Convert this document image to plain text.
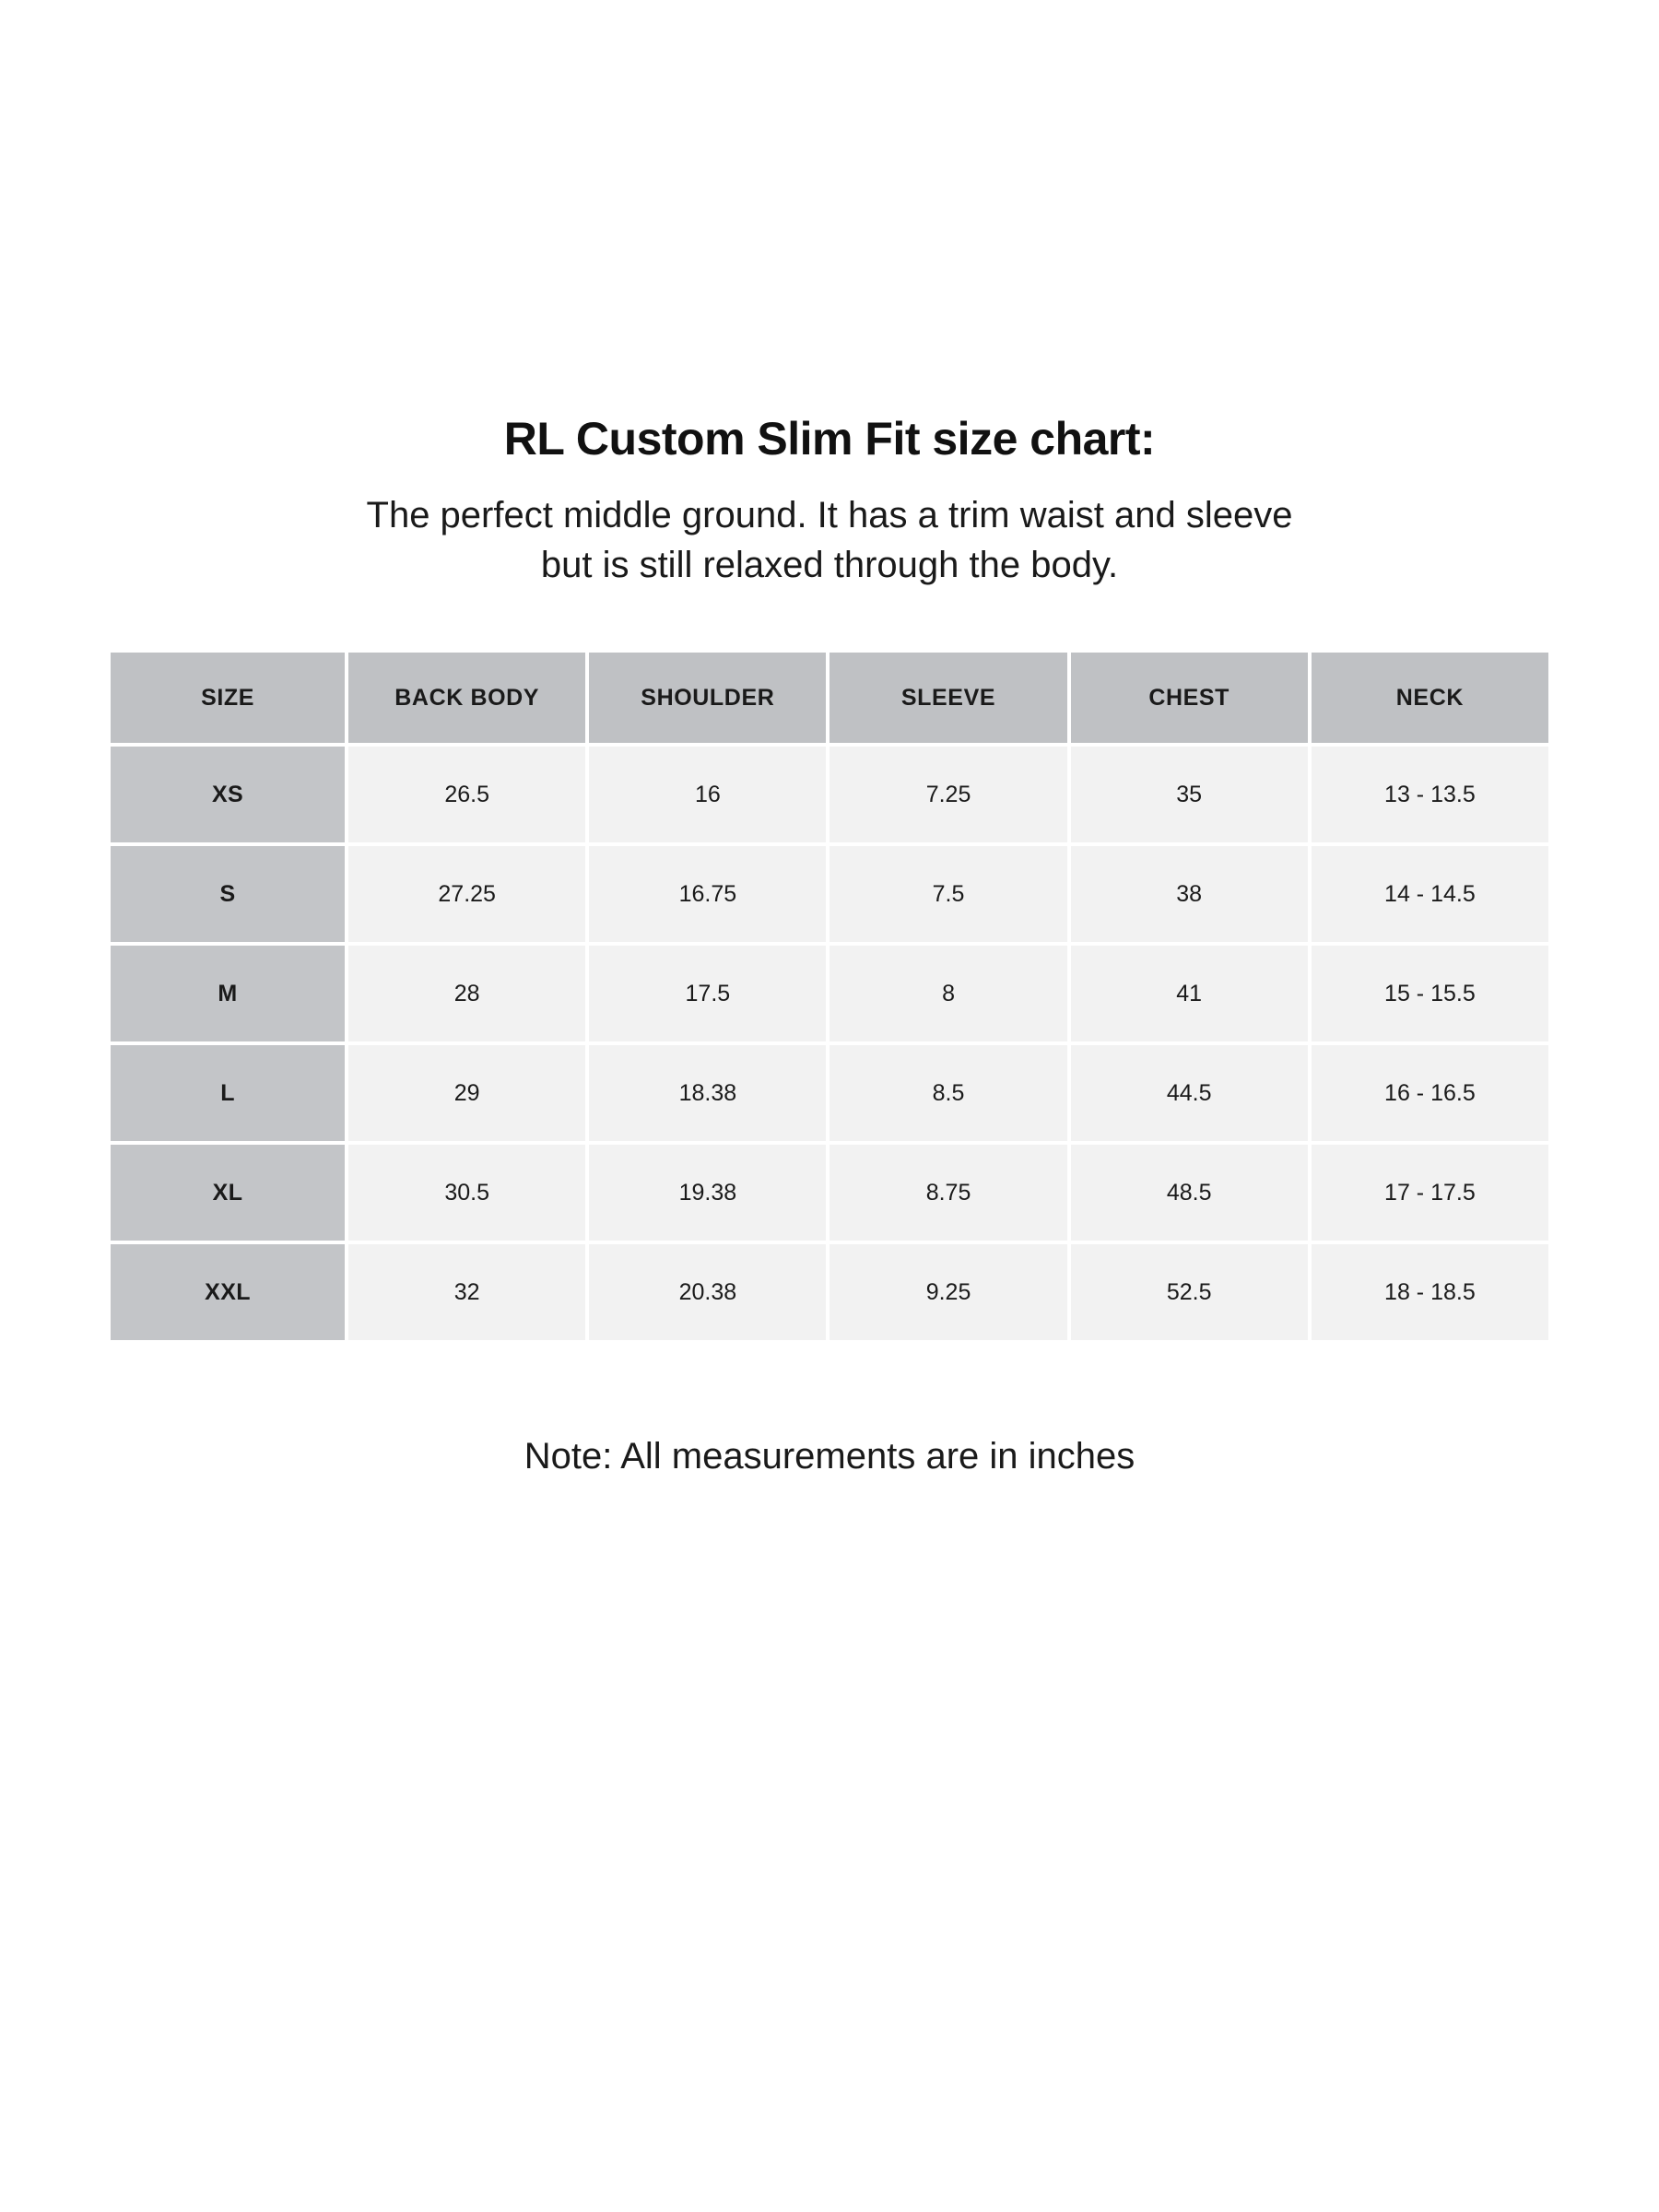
RL Custom Slim Fit size chart:

The perfect middle ground. It has a trim waist and sleeve but is still relaxed through the body.

SIZE	BACK BODY	SHOULDER	SLEEVE	CHEST	NECK
XS	26.5	16	7.25	35	13 - 13.5
S	27.25	16.75	7.5	38	14 - 14.5
M	28	17.5	8	41	15 - 15.5
L	29	18.38	8.5	44.5	16 - 16.5
XL	30.5	19.38	8.75	48.5	17 - 17.5
XXL	32	20.38	9.25	52.5	18 - 18.5

Note: All measurements are in inches
